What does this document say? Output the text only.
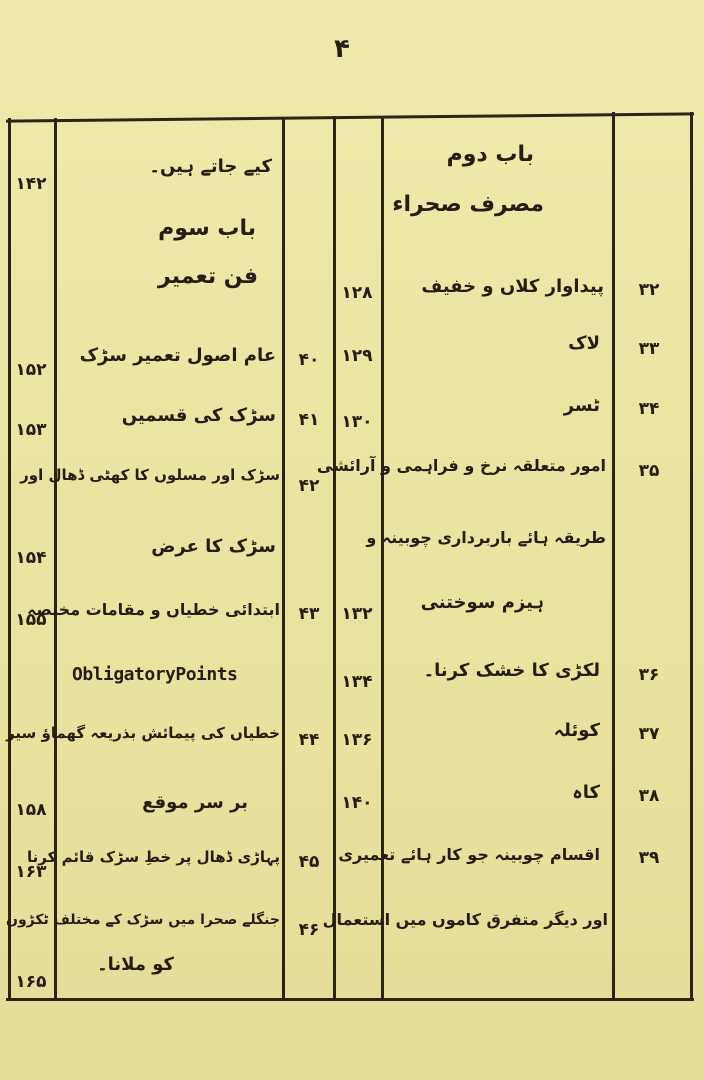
۴
باب دوم
مصرف صحراء
۳۲
پیداوار کلاں و خفیف
۱۲۸
۳۳
لاک
۱۲۹
۳۴
ٹسر
۱۳۰
۳۵
امور متعلقہ نرخ و فراہمی و آرائشی
طریقہ ہائے باربرداری چوبینہ و
ہیزم سوختنی
۱۳۲
۳۶
لکڑی کا خشک کرنا۔
۱۳۴
۳۷
کوئلہ
۱۳۶
۳۸
کاہ
۱۴۰
۳۹
اقسام چوبینہ جو کار ہائے تعمیری
اور دیگر متفرق کاموں میں استعمال
کیے جاتے ہیں۔
۱۴۲
باب سوم
فن تعمیر
۴۰
عام اصول تعمیر سڑک
۱۵۲
۴۱
سڑک کی قسمیں
۱۵۳
۴۲
سڑک اور مسلوں کا کھٹی ڈھال اور
سڑک کا عرض
۱۵۴
۴۳
ابتدائی خطیاں و مقامات مختصہ
۱۵۵
ObligatoryPoints
۴۴
خطیاں کی پیمائش بذریعہ گھماؤ سیر
بر سر موقع
۱۵۸
۴۵
پہاڑی ڈھال پر خطِ سڑک قائم کرنا
۱۶۳
۴۶
جنگلے صحرا میں سڑک کے مختلف ٹکڑوں
کو ملانا۔
۱۶۵
